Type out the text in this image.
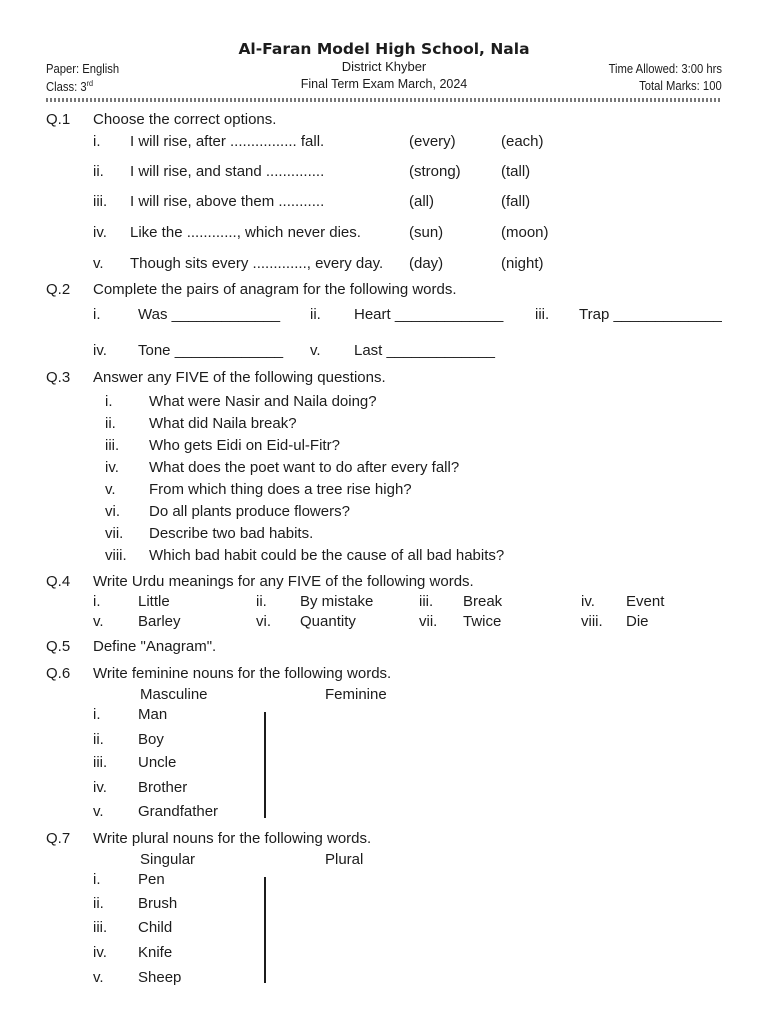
Al-Faran Model High School, Nala
District Khyber
Final Term Exam March, 2024
Paper: English
Class: 3rd
Time Allowed: 3:00 hrs
Total Marks: 100
Q.1 Choose the correct options.
i. I will rise, after ................ fall.	(every)	(each)
ii. I will rise, and stand ..............	(strong)	(tall)
iii. I will rise, above them ...........	(all)	(fall)
iv. Like the ............, which never dies.	(sun)	(moon)
v. Though sits every ............., every day. (day)	(night)
Q.2 Complete the pairs of anagram for the following words.
i.	Was _____________ ii. Heart _____________ iii. Trap _____________
iv. Tone _____________ v. Last _____________
Q.3 Answer any FIVE of the following questions.
i. What were Nasir and Naila doing?
ii. What did Naila break?
iii. Who gets Eidi on Eid-ul-Fitr?
iv. What does the poet want to do after every fall?
v. From which thing does a tree rise high?
vi. Do all plants produce flowers?
vii. Describe two bad habits.
viii. Which bad habit could be the cause of all bad habits?
Q.4 Write Urdu meanings for any FIVE of the following words.
i.	Little	ii. By mistake	iii. Break	iv. Event
v. Barley	vi. Quantity	vii. Twice	viii. Die
Q.5 Define "Anagram".
Q.6 Write feminine nouns for the following words.
Masculine	Feminine
i.	Man
ii. Boy
iii. Uncle
iv. Brother
v. Grandfather
Q.7 Write plural nouns for the following words.
Singular	Plural
i.	Pen
ii. Brush
iii. Child
iv. Knife
v. Sheep
